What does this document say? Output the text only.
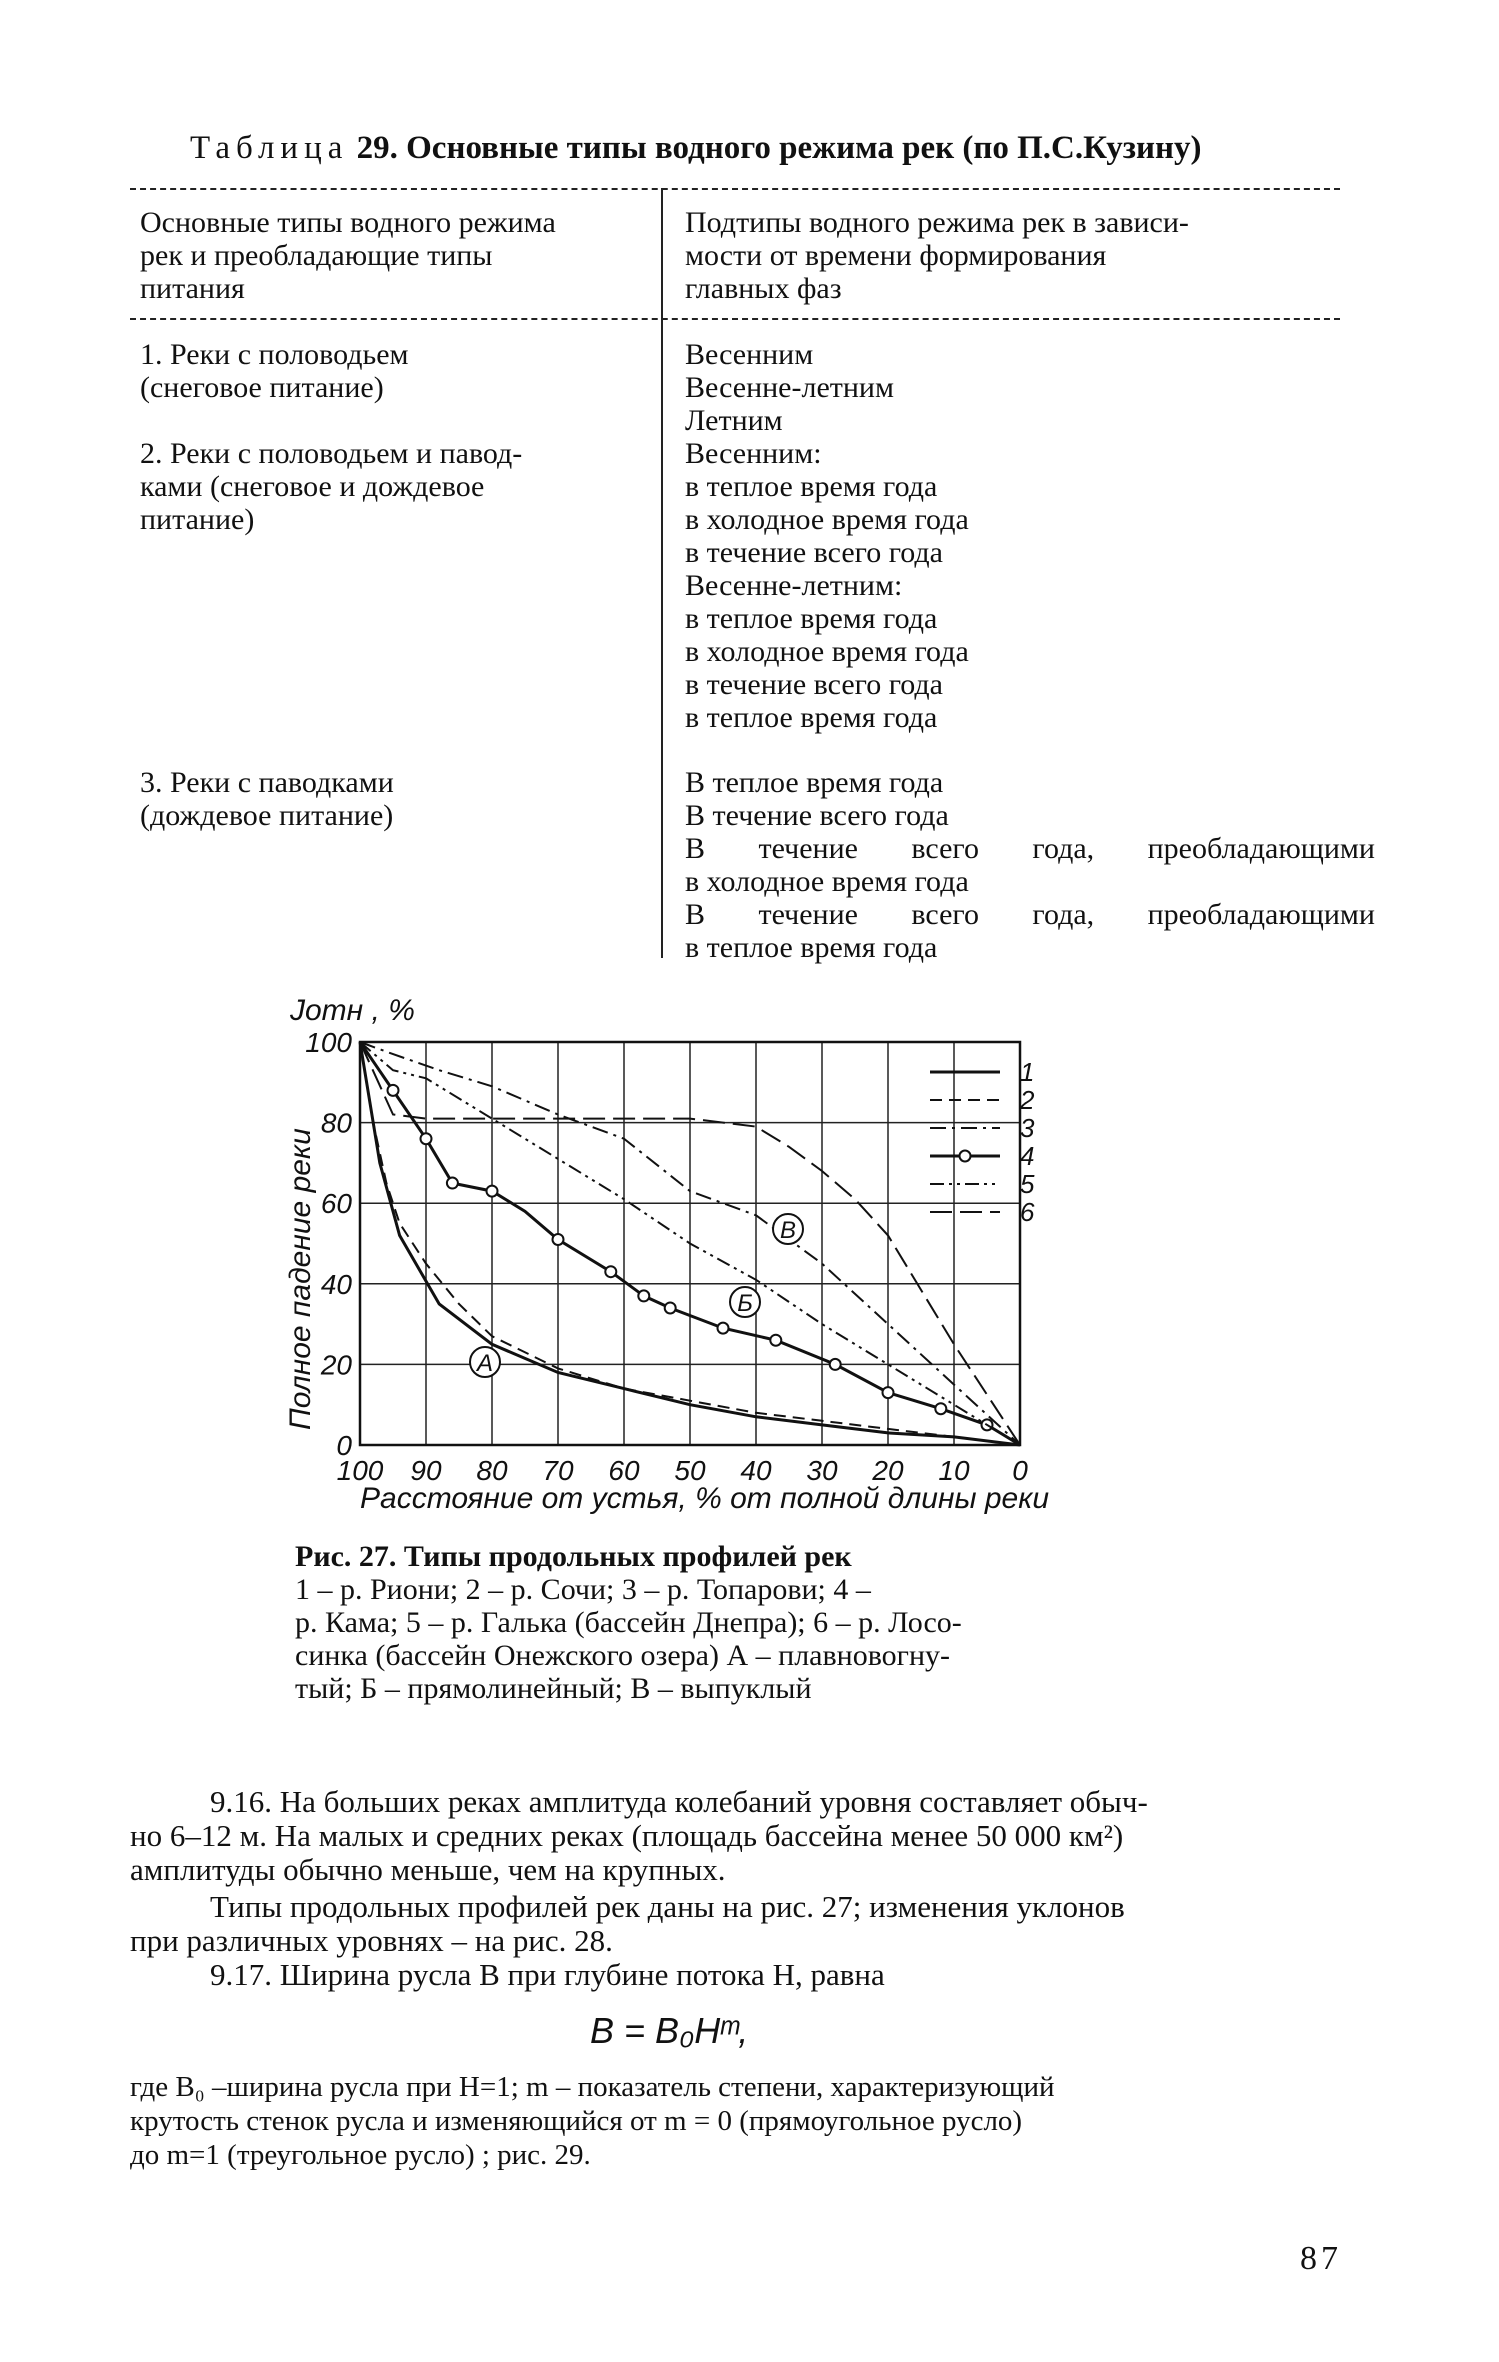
Таблица 29. Основные типы водного режима рек (по П.С.Кузину)
Основные типы водного режима
рек и преобладающие типы
питания
Подтипы водного режима рек в зависи-
мости от времени формирования
главных фаз
1. Реки с половодьем
(снеговое питание)
Весенним
Весенне-летним
Летним
2. Реки с половодьем и павод-
ками (снеговое и дождевое
питание)
Весенним:
в теплое время года
в холодное время года
в течение всего года
Весенне-летним:
в теплое время года
в холодное время года
в течение всего года
в теплое время года
3. Реки с паводками
(дождевое питание)
В теплое время года
В течение всего года
В течение всего года, преобладающими
в холодное время года
В течение всего года, преобладающими
в теплое время года
100 90 80 70 60 50 40 30 20 10 0
0
20
40
60
80
100
1
2
3
4
5
6
А
Б
В
Jотн , %
Полное падение реки
Расстояние от устья, % от полной длины реки
Рис. 27. Типы продольных профилей рек
1 – р. Риони; 2 – р. Сочи; 3 – р. Топарови; 4 –
р. Кама; 5 – р. Галька (бассейн Днепра); 6 – р. Лосо-
синка (бассейн Онежского озера) А – плавновогну-
тый; Б – прямолинейный; В – выпуклый
9.16. На больших реках амплитуда колебаний уровня составляет обыч-
но 6–12 м. На малых и средних реках (площадь бассейна менее 50 000 км²)
амплитуды обычно меньше, чем на крупных.
Типы продольных профилей рек даны на рис. 27; изменения уклонов
при различных уровнях – на рис. 28.
9.17. Ширина русла B при глубине потока H, равна
B = B₀Hᵐ,
где B₀ –ширина русла при H=1; m – показатель степени, характеризующий
крутость стенок русла и изменяющийся от m = 0 (прямоугольное русло)
до m=1 (треугольное русло) ; рис. 29.
87
